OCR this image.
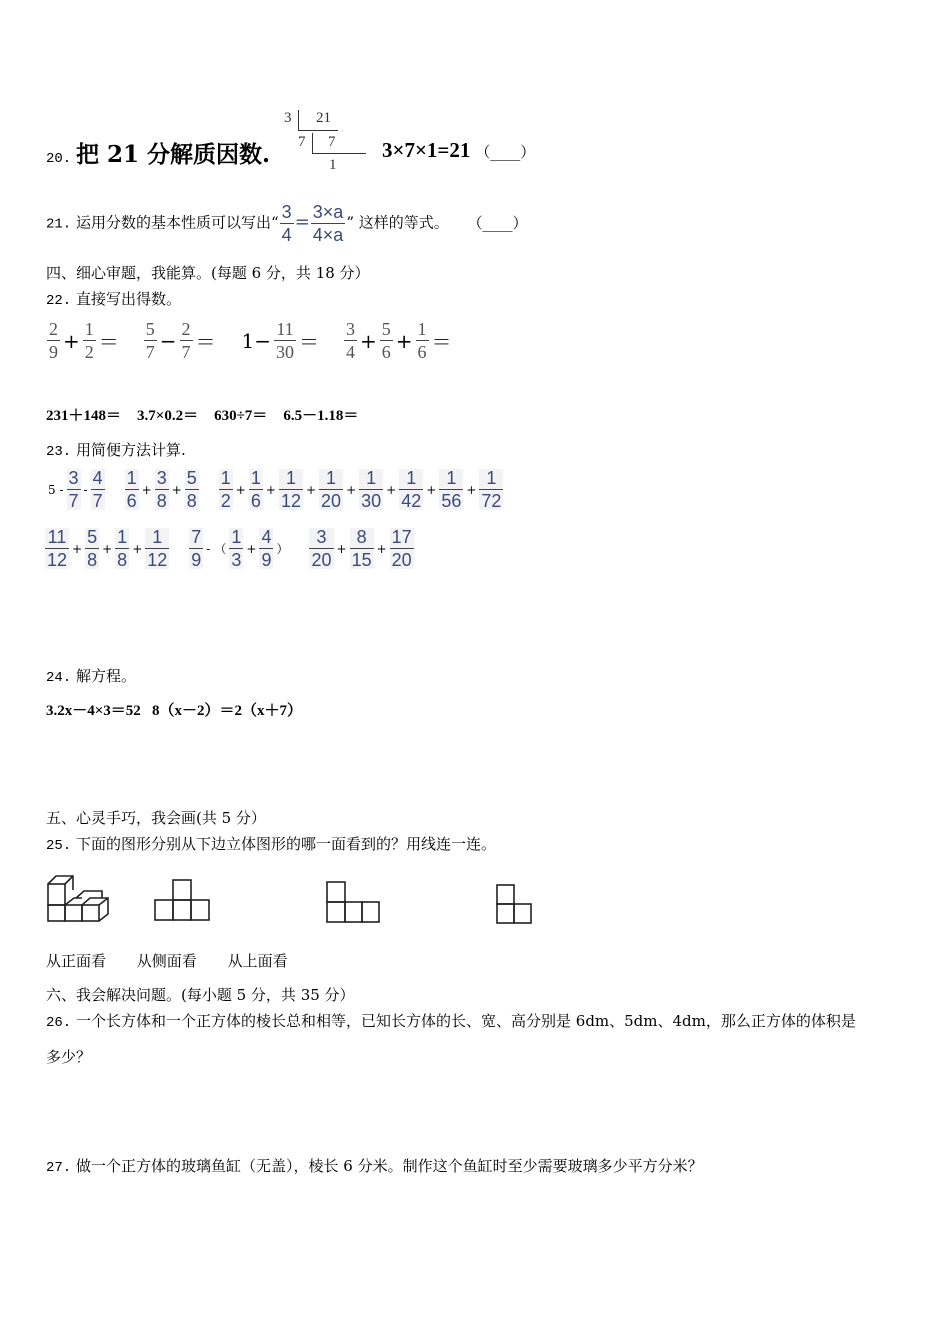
20. 把 21 分解质因数.
3 21
7 7
1
3×7×1=21 （____）
21. 运用分数的基本性质可以写出“ $\frac{3}{4} = \frac{3\times a}{4\times a}$ ” 这样的等式。 （____）
四、细心审题，我能算。(每题 6 分，共 18 分）
22. 直接写出得数。
$\frac{2}{9} + \frac{1}{2} = \frac{5}{7} - \frac{2}{7} = 1- \frac{11}{30} = \frac{3}{4} + \frac{5}{6} + \frac{1}{6}$ ＝
231＋148＝ 3.7×0.2＝ 630÷7＝ 6.5－1.18＝
23. 用简便方法计算.
$5 - \frac{3}{7} - \frac{4}{7} \frac{1}{6} + \frac{3}{8} + \frac{5}{8} \frac{1}{2} + \frac{1}{6} + \frac{1}{12} + \frac{1}{20} + \frac{1}{30} + \frac{1}{42} + \frac{1}{56} + \frac{1}{72}$
$\frac{11}{12} + \frac{5}{8} + \frac{1}{8} + \frac{1}{12} \frac{7}{9}$ - （ $\frac{1}{3} + \frac{4}{9}$ ） $\frac{3}{20} + \frac{8}{15} + \frac{17}{20}$
24. 解方程。
3.2x－4×3＝52   8（x－2）＝2（x＋7）
五、心灵手巧，我会画(共 5 分）
25. 下面的图形分别从下边立体图形的哪一面看到的？用线连一连。
从正面看 从侧面看 从上面看
六、我会解决问题。(每小题 5 分，共 35 分）
26. 一个长方体和一个正方体的棱长总和相等，已知长方体的长、宽、高分别是 6dm、5dm、4dm，那么正方体的体积是
多少？
27. 做一个正方体的玻璃鱼缸（无盖），棱长 6 分米。制作这个鱼缸时至少需要玻璃多少平方分米？
